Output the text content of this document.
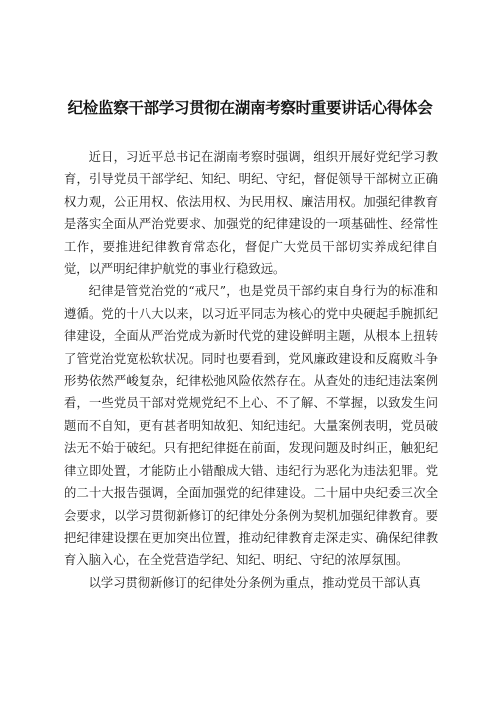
纪检监察干部学习贯彻在湖南考察时重要讲话心得体会

近日，习近平总书记在湖南考察时强调，组织开展好党纪学习教育，引导党员干部学纪、知纪、明纪、守纪，督促领导干部树立正确权力观，公正用权、依法用权、为民用权、廉洁用权。加强纪律教育是落实全面从严治党要求、加强党的纪律建设的一项基础性、经常性工作，要推进纪律教育常态化，督促广大党员干部切实养成纪律自觉，以严明纪律护航党的事业行稳致远。

纪律是管党治党的“戒尺”，也是党员干部约束自身行为的标准和遵循。党的十八大以来，以习近平同志为核心的党中央硬起手腕抓纪律建设，全面从严治党成为新时代党的建设鲜明主题，从根本上扭转了管党治党宽松软状况。同时也要看到，党风廉政建设和反腐败斗争形势依然严峻复杂，纪律松弛风险依然存在。从查处的违纪违法案例看，一些党员干部对党规党纪不上心、不了解、不掌握，以致发生问题而不自知，更有甚者明知故犯、知纪违纪。大量案例表明，党员破法无不始于破纪。只有把纪律挺在前面，发现问题及时纠正，触犯纪律立即处置，才能防止小错酿成大错、违纪行为恶化为违法犯罪。党的二十大报告强调，全面加强党的纪律建设。二十届中央纪委三次全会要求，以学习贯彻新修订的纪律处分条例为契机加强纪律教育。要把纪律建设摆在更加突出位置，推动纪律教育走深走实、确保纪律教育入脑入心，在全党营造学纪、知纪、明纪、守纪的浓厚氛围。

以学习贯彻新修订的纪律处分条例为重点，推动党员干部认真
